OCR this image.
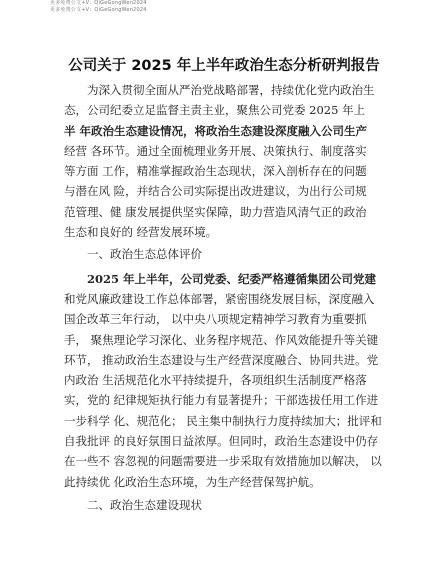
更多免费公文+V：QiGeGongWen2024
更多免费公文+V：QiGeGongWen2024
公司关于 2025 年上半年政治生态分析研判报告

为深入贯彻全面从严治党战略部署，持续优化党内政治生
态，公司纪委立足监督主责主业，聚焦公司党委 2025 年上
半 年政治生态建设情况，将政治生态建设深度融入公司生产
经营 各环节。通过全面梳理业务开展、决策执行、制度落实
等方面 工作，精准掌握政治生态现状，深入剖析存在的问题
与潜在风 险，并结合公司实际提出改进建议，为出行公司规
范管理、健 康发展提供坚实保障，助力营造风清气正的政治
生态和良好的 经营发展环境。

一、政治生态总体评价

2025 年上半年，公司党委、纪委严格遵循集团公司党建
和党风廉政建设工作总体部署，紧密围绕发展目标，深度融入
国企改革三年行动， 以中央八项规定精神学习教育为重要抓
手， 聚焦理论学习深化、业务程序规范、作风效能提升等关键
环节， 推动政治生态建设与生产经营深度融合、协同共进。党
内政治 生活规范化水平持续提升，各项组织生活制度严格落
实，党的 纪律规矩执行能力有显著提升；干部选拔任用工作进
一步科学 化、规范化； 民主集中制执行力度持续加大；批评和
自我批评 的良好氛围日益浓厚。但同时，政治生态建设中仍存
在一些不 容忽视的问题需要进一步采取有效措施加以解决， 以
此持续优 化政治生态环境，为生产经营保驾护航。

二、政治生态建设现状
